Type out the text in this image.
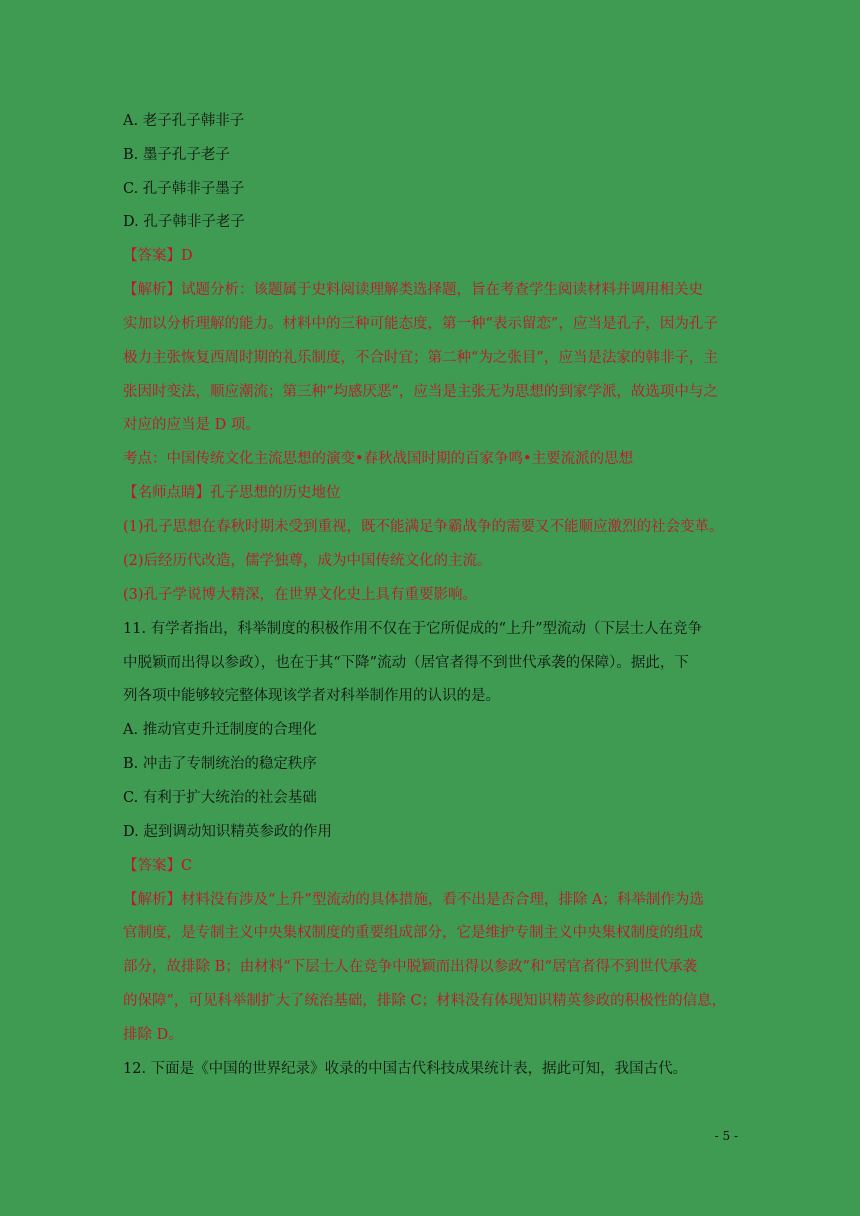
A. 老子孔子韩非子
B. 墨子孔子老子
C. 孔子韩非子墨子
D. 孔子韩非子老子
【答案】D
【解析】试题分析：该题属于史料阅读理解类选择题，旨在考查学生阅读材料并调用相关史
实加以分析理解的能力。材料中的三种可能态度，第一种“表示留恋”，应当是孔子，因为孔子
极力主张恢复西周时期的礼乐制度，不合时宜；第二种“为之张目”，应当是法家的韩非子，主
张因时变法，顺应潮流；第三种“均感厌恶”，应当是主张无为思想的到家学派，故选项中与之
对应的应当是 D 项。
考点：中国传统文化主流思想的演变•春秋战国时期的百家争鸣•主要流派的思想
【名师点睛】孔子思想的历史地位
(1)孔子思想在春秋时期未受到重视，既不能满足争霸战争的需要又不能顺应激烈的社会变革。
(2)后经历代改造，儒学独尊，成为中国传统文化的主流。
(3)孔子学说博大精深，在世界文化史上具有重要影响。
11. 有学者指出，科举制度的积极作用不仅在于它所促成的“上升”型流动（下层士人在竞争
中脱颖而出得以参政），也在于其“下降”流动（居官者得不到世代承袭的保障）。据此，下
列各项中能够较完整体现该学者对科举制作用的认识的是。
A. 推动官吏升迁制度的合理化
B. 冲击了专制统治的稳定秩序
C. 有利于扩大统治的社会基础
D. 起到调动知识精英参政的作用
【答案】C
【解析】材料没有涉及“上升”型流动的具体措施，看不出是否合理，排除 A；科举制作为选
官制度，是专制主义中央集权制度的重要组成部分，它是维护专制主义中央集权制度的组成
部分，故排除 B；由材料“下层士人在竞争中脱颖而出得以参政”和“居官者得不到世代承袭
的保障”，可见科举制扩大了统治基础，排除 C；材料没有体现知识精英参政的积极性的信息，
排除 D。
12. 下面是《中国的世界纪录》收录的中国古代科技成果统计表，据此可知，我国古代。
- 5 -
